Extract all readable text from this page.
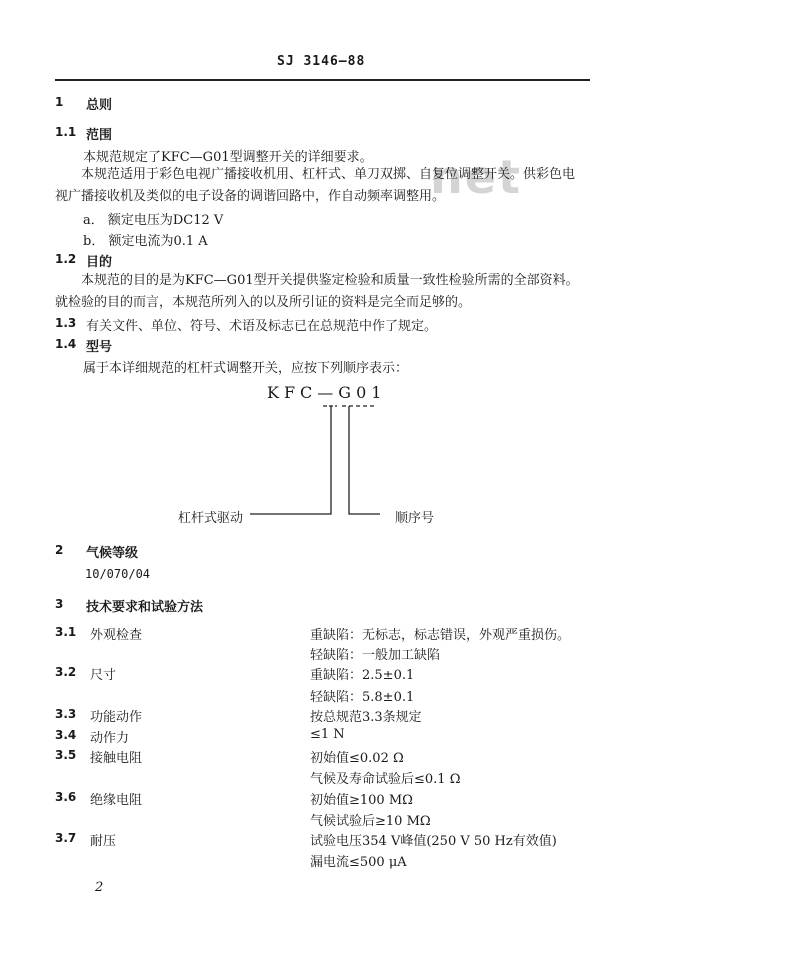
SJ 3146—88
net
1 总则
1.1 范围
本规范规定了KFC—G01型调整开关的详细要求。
本规范适用于彩色电视广播接收机用、杠杆式、单刀双掷、自复位调整开关。供彩色电视广播接收机及类似的电子设备的调谐回路中，作自动频率调整用。
a． 额定电压为DC12 V
b． 额定电流为0.1 A
1.2 目的
本规范的目的是为KFC—G01型开关提供鉴定检验和质量一致性检验所需的全部资料。就检验的目的而言，本规范所列入的以及所引证的资料是完全而足够的。
1.3 有关文件、单位、符号、术语及标志已在总规范中作了规定。
1.4 型号
属于本详细规范的杠杆式调整开关，应按下列顺序表示：
KFC—G01
杠杆式驱动	顺序号
2 气候等级
10/070/04
3 技术要求和试验方法
3.1 外观检查	重缺陷：无标志，标志错误，外观严重损伤。
轻缺陷：一般加工缺陷
3.2 尺寸	重缺陷：2.5±0.1
轻缺陷：5.8±0.1
3.3 功能动作	按总规范3.3条规定
3.4 动作力	≤1 N
3.5 接触电阻	初始值≤0.02 Ω
气候及寿命试验后≤0.1 Ω
3.6 绝缘电阻	初始值≥100 MΩ
气候试验后≥10 MΩ
3.7 耐压	试验电压354 V峰值(250 V 50 Hz有效值)
漏电流≤500 μA
2
